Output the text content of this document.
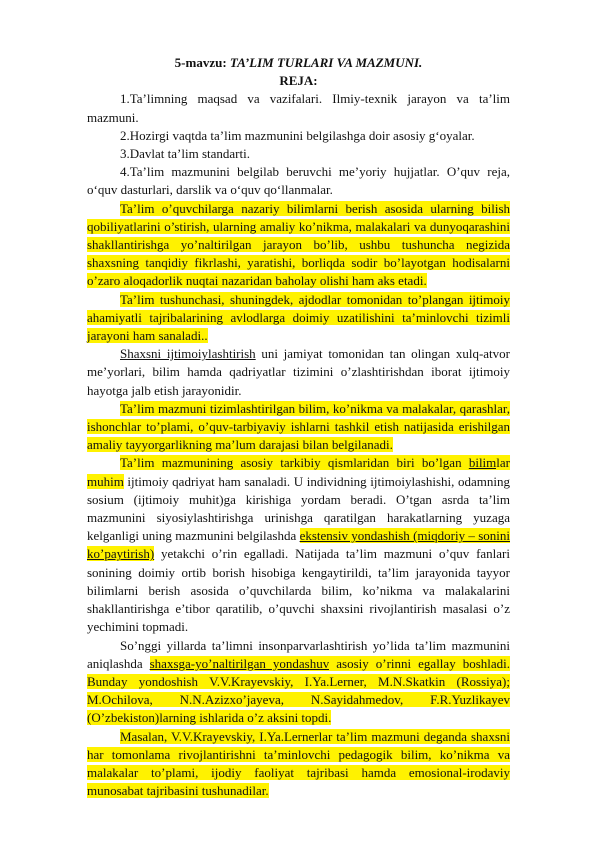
5-mavzu: TA’LIM TURLARI VA MAZMUNI.
REJA:

1.Ta’limning maqsad va vazifalari. Ilmiy-texnik jarayon va ta’lim mazmuni.

2.Hozirgi vaqtda ta’lim mazmunini belgilashga doir asosiy g‘oyalar.

3.Davlat ta’lim standarti.

4.Ta’lim mazmunini belgilab beruvchi me’yoriy hujjatlar. O’quv reja, o‘quv dasturlari, darslik va o‘quv qo‘llanmalar.

Ta’lim o’quvchilarga nazariy bilimlarni berish asosida ularning bilish qobiliyatlarini o’stirish, ularning amaliy ko’nikma, malakalari va dunyoqarashini shakllantirishga yo’naltirilgan jarayon bo’lib, ushbu tushuncha negizida shaxsning tanqidiy fikrlashi, yaratishi, borliqda sodir bo’layotgan hodisalarni o’zaro aloqadorlik nuqtai nazaridan baholay olishi ham aks etadi.

Ta’lim tushunchasi, shuningdek, ajdodlar tomonidan to’plangan ijtimoiy ahamiyatli tajribalarining avlodlarga doimiy uzatilishini ta’minlovchi tizimli jarayoni ham sanaladi..

Shaxsni ijtimoiylashtirish uni jamiyat tomonidan tan olingan xulq-atvor me’yorlari, bilim hamda qadriyatlar tizimini o’zlashtirishdan iborat ijtimoiy hayotga jalb etish jarayonidir.

Ta’lim mazmuni tizimlashtirilgan bilim, ko’nikma va malakalar, qarashlar, ishonchlar to’plami, o’quv-tarbiyaviy ishlarni tashkil etish natijasida erishilgan amaliy tayyorgarlikning ma’lum darajasi bilan belgilanadi.

Ta’lim mazmunining asosiy tarkibiy qismlaridan biri bo’lgan bilimlar muhim ijtimoiy qadriyat ham sanaladi. U individning ijtimoiylashishi, odamning sosium (ijtimoiy muhit)ga kirishiga yordam beradi. O’tgan asrda ta’lim mazmunini siyosiylashtirishga urinishga qaratilgan harakatlarning yuzaga kelganligi uning mazmunini belgilashda ekstensiv yondashish (miqdoriy – sonini ko’paytirish) yetakchi o’rin egalladi. Natijada ta’lim mazmuni o’quv fanlari sonining doimiy ortib borish hisobiga kengaytirildi, ta’lim jarayonida tayyor bilimlarni berish asosida o’quvchilarda bilim, ko’nikma va malakalarini shakllantirishga e’tibor qaratilib, o’quvchi shaxsini rivojlantirish masalasi o’z yechimini topmadi.

So’nggi yillarda ta’limni insonparvarlashtirish yo’lida ta’lim mazmunini aniqlashda shaxsga-yo’naltirilgan yondashuv asosiy o’rinni egallay boshladi. Bunday yondoshish V.V.Krayevskiy, I.Ya.Lerner, M.N.Skatkin (Rossiya); M.Ochilova, N.N.Azizxo’jayeva, N.Sayidahmedov, F.R.Yuzlikayev (O’zbekiston)larning ishlarida o’z aksini topdi.

Masalan, V.V.Krayevskiy, I.Ya.Lernerlar ta’lim mazmuni deganda shaxsni har tomonlama rivojlantirishni ta’minlovchi pedagogik bilim, ko’nikma va malakalar to’plami, ijodiy faoliyat tajribasi hamda emosional-irodaviy munosabat tajribasini tushunadilar.
